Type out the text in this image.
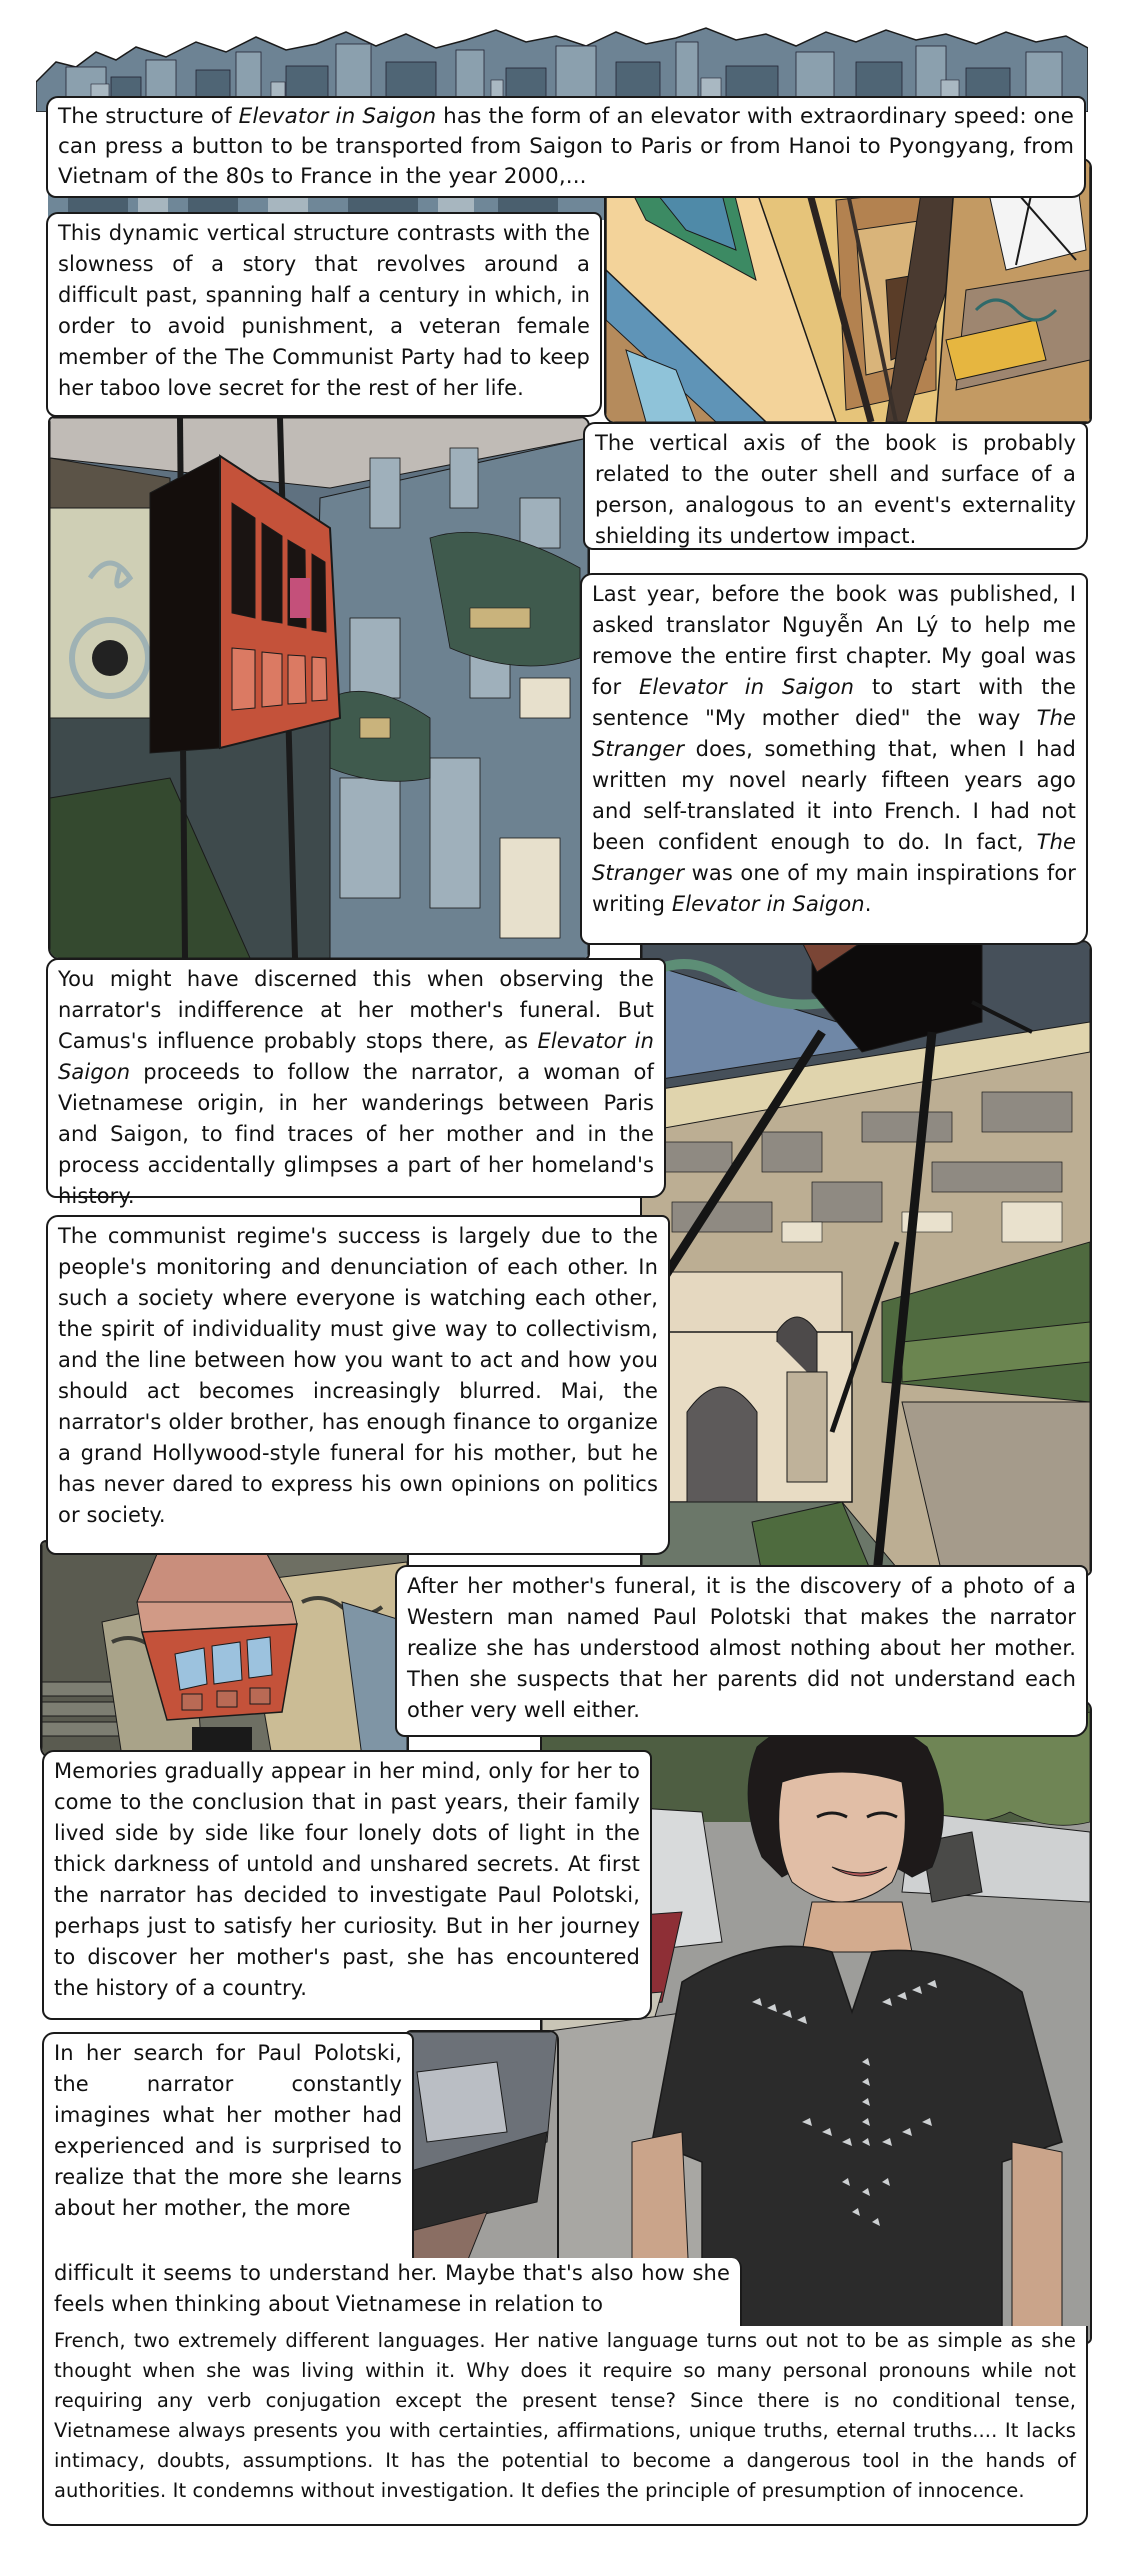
The structure of Elevator in Saigon has the form of an elevator with extraordinary speed: one can press a button to be transported from Saigon to Paris or from Hanoi to Pyongyang, from Vietnam of the 80s to France in the year 2000,...
This dynamic vertical structure contrasts with the slowness of a story that revolves around a difficult past, spanning half a century in which, in order to avoid punishment, a veteran female member of the The Communist Party had to keep her taboo love secret for the rest of her life.
The vertical axis of the book is probably related to the outer shell and surface of a person, analogous to an event's externality shielding its undertow impact.
Last year, before the book was published, I asked translator Nguyễn An Lý to help me remove the entire first chapter. My goal was for Elevator in Saigon to start with the sentence "My mother died" the way The Stranger does, something that, when I had written my novel nearly fifteen years ago and self-translated it into French. I had not been confident enough to do. In fact, The Stranger was one of my main inspirations for writing Elevator in Saigon.
You might have discerned this when observing the narrator's indifference at her mother's funeral. But Camus's influence probably stops there, as Elevator in Saigon proceeds to follow the narrator, a woman of Vietnamese origin, in her wanderings between Paris and Saigon, to find traces of her mother and in the process accidentally glimpses a part of her homeland's history.
The communist regime's success is largely due to the people's monitoring and denunciation of each other. In such a society where everyone is watching each other, the spirit of individuality must give way to collectivism, and the line between how you want to act and how you should act becomes increasingly blurred. Mai, the narrator's older brother, has enough finance to organize a grand Hollywood-style funeral for his mother, but he has never dared to express his own opinions on politics or society.
After her mother's funeral, it is the discovery of a photo of a Western man named Paul Polotski that makes the narrator realize she has understood almost nothing about her mother. Then she suspects that her parents did not understand each other very well either.
Memories gradually appear in her mind, only for her to come to the conclusion that in past years, their family lived side by side like four lonely dots of light in the thick darkness of untold and unshared secrets. At first the narrator has decided to investigate Paul Polotski, perhaps just to satisfy her curiosity. But in her journey to discover her mother's past, she has encountered the history of a country.
In her search for Paul Polotski, the narrator constantly imagines what her mother had experienced and is surprised to realize that the more she learns about her mother, the more
difficult it seems to understand her. Maybe that's also how she feels when thinking about Vietnamese in relation to
French, two extremely different languages. Her native language turns out not to be as simple as she thought when she was living within it. Why does it require so many personal pronouns while not requiring any verb conjugation except the present tense? Since there is no conditional tense, Vietnamese always presents you with certainties, affirmations, unique truths, eternal truths.... It lacks intimacy, doubts, assumptions. It has the potential to become a dangerous tool in the hands of authorities. It condemns without investigation. It defies the principle of presumption of innocence.
